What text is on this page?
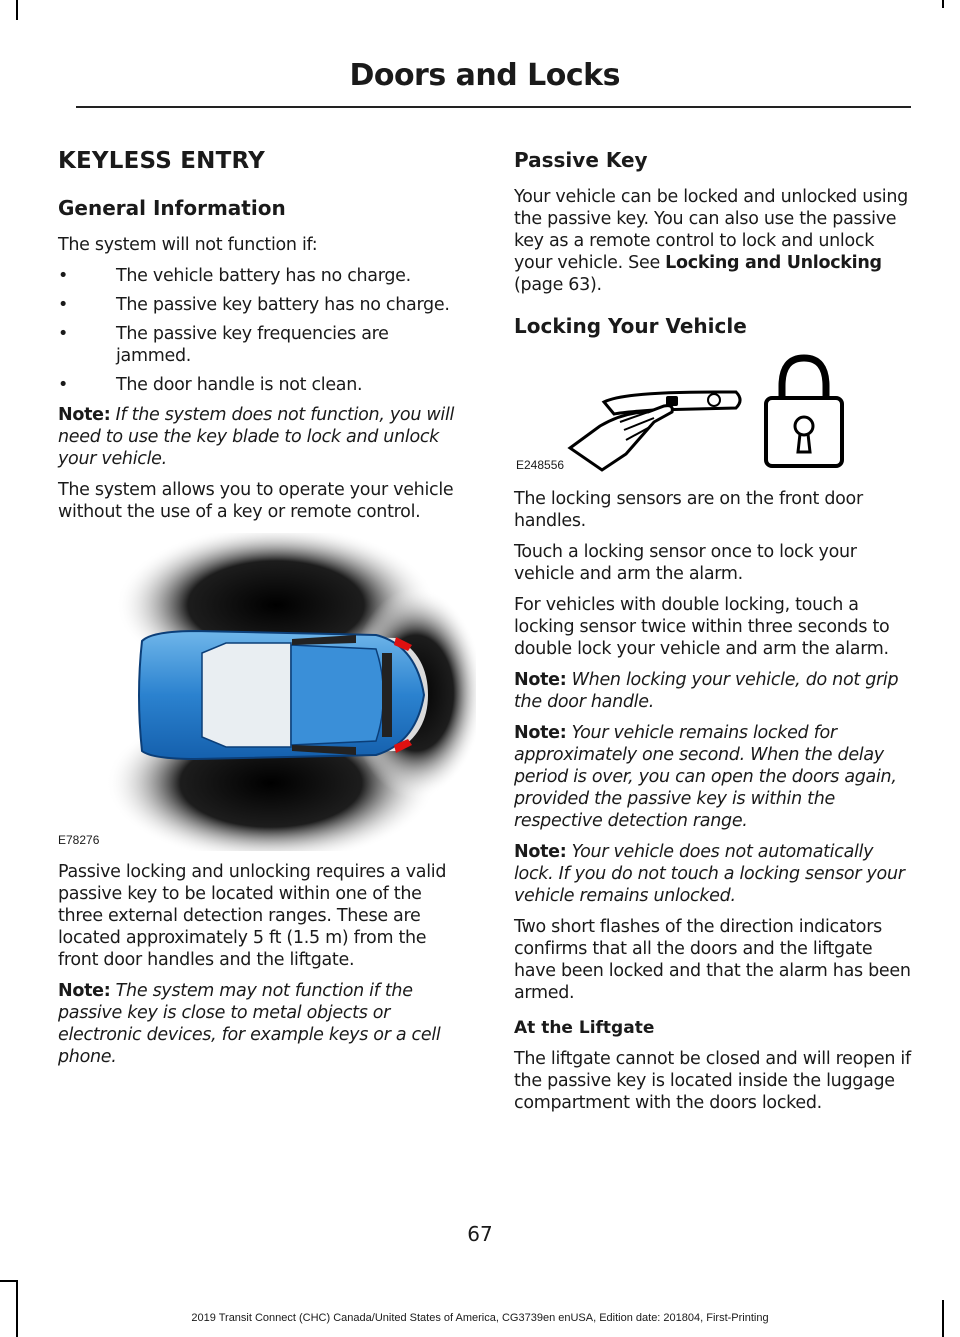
Doors and Locks
KEYLESS ENTRY
General Information

The system will not function if:

• The vehicle battery has no charge.
• The passive key battery has no charge.
• The passive key frequencies are jammed.
• The door handle is not clean.

Note: If the system does not function, you will need to use the key blade to lock and unlock your vehicle.

The system allows you to operate your vehicle without the use of a key or remote control.

E78276

Passive locking and unlocking requires a valid passive key to be located within one of the three external detection ranges. These are located approximately 5 ft (1.5 m) from the front door handles and the liftgate.

Note: The system may not function if the passive key is close to metal objects or electronic devices, for example keys or a cell phone.

Passive Key

Your vehicle can be locked and unlocked using the passive key. You can also use the passive key as a remote control to lock and unlock your vehicle. See Locking and Unlocking (page 63).

Locking Your Vehicle
E248556

The locking sensors are on the front door handles.

Touch a locking sensor once to lock your vehicle and arm the alarm.

For vehicles with double locking, touch a locking sensor twice within three seconds to double lock your vehicle and arm the alarm.

Note: When locking your vehicle, do not grip the door handle.

Note: Your vehicle remains locked for approximately one second. When the delay period is over, you can open the doors again, provided the passive key is within the respective detection range.

Note: Your vehicle does not automatically lock. If you do not touch a locking sensor your vehicle remains unlocked.

Two short flashes of the direction indicators confirms that all the doors and the liftgate have been locked and that the alarm has been armed.

At the Liftgate

The liftgate cannot be closed and will reopen if the passive key is located inside the luggage compartment with the doors locked.

67
2019 Transit Connect (CHC) Canada/United States of America, CG3739en enUSA, Edition date: 201804, First-Printing
